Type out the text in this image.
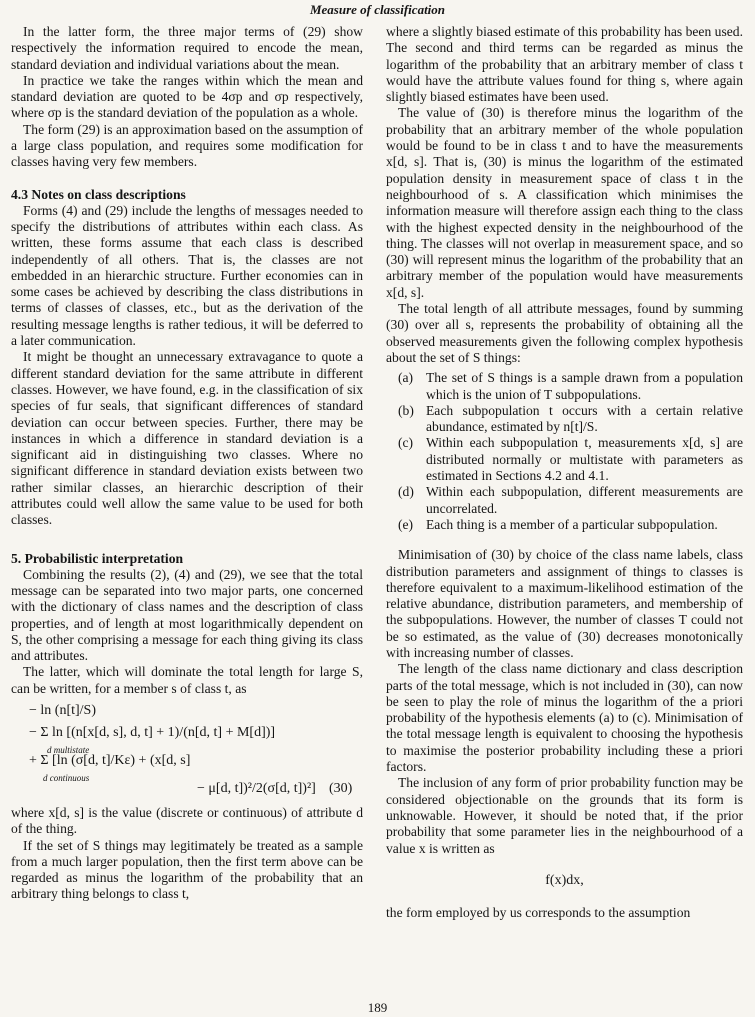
Measure of classification

In the latter form, the three major terms of (29) show respectively the information required to encode the mean, standard deviation and individual variations about the mean.

In practice we take the ranges within which the mean and standard deviation are quoted to be 4σp and σp respectively, where σp is the standard deviation of the population as a whole.

The form (29) is an approximation based on the assumption of a large class population, and requires some modification for classes having very few members.

4.3 Notes on class descriptions

Forms (4) and (29) include the lengths of messages needed to specify the distributions of attributes within each class. As written, these forms assume that each class is described independently of all others. That is, the classes are not embedded in an hierarchic structure. Further economies can in some cases be achieved by describing the class distributions in terms of classes of classes, etc., but as the derivation of the resulting message lengths is rather tedious, it will be deferred to a later communication.

It might be thought an unnecessary extravagance to quote a different standard deviation for the same attribute in different classes. However, we have found, e.g. in the classification of six species of fur seals, that significant differences of standard deviation can occur between species. Further, there may be instances in which a difference in standard deviation is a significant aid in distinguishing two classes. Where no significant difference in standard deviation exists between two rather similar classes, an hierarchic description of their attributes could well allow the same value to be used for both classes.

5. Probabilistic interpretation

Combining the results (2), (4) and (29), we see that the total message can be separated into two major parts, one concerned with the dictionary of class names and the description of class properties, and of length at most logarithmically dependent on S, the other comprising a message for each thing giving its class and attributes.

The latter, which will dominate the total length for large S, can be written, for a member s of class t, as

− ln (n[t]/S)
− Σ ln [(n[x[d, s], d, t] + 1)/(n[d, t] + M[d])]
d multistate
+ Σ [ln (σ[d, t]/Kε) + (x[d, s]
d continuous
− μ[d, t])²/2(σ[d, t])²] (30)

where x[d, s] is the value (discrete or continuous) of attribute d of the thing.

If the set of S things may legitimately be treated as a sample from a much larger population, then the first term above can be regarded as minus the logarithm of the probability that an arbitrary thing belongs to class t,

where a slightly biased estimate of this probability has been used. The second and third terms can be regarded as minus the logarithm of the probability that an arbitrary member of class t would have the attribute values found for thing s, where again slightly biased estimates have been used.

The value of (30) is therefore minus the logarithm of the probability that an arbitrary member of the whole population would be found to be in class t and to have the measurements x[d, s]. That is, (30) is minus the logarithm of the estimated population density in measurement space of class t in the neighbourhood of s. A classification which minimises the information measure will therefore assign each thing to the class with the highest expected density in the neighbourhood of the thing. The classes will not overlap in measurement space, and so (30) will represent minus the logarithm of the probability that an arbitrary member of the population would have measurements x[d, s].

The total length of all attribute messages, found by summing (30) over all s, represents the probability of obtaining all the observed measurements given the following complex hypothesis about the set of S things:

(a) The set of S things is a sample drawn from a population which is the union of T subpopulations.
(b) Each subpopulation t occurs with a certain relative abundance, estimated by n[t]/S.
(c) Within each subpopulation t, measurements x[d, s] are distributed normally or multistate with parameters as estimated in Sections 4.2 and 4.1.
(d) Within each subpopulation, different measurements are uncorrelated.
(e) Each thing is a member of a particular subpopulation.

Minimisation of (30) by choice of the class name labels, class distribution parameters and assignment of things to classes is therefore equivalent to a maximum-likelihood estimation of the relative abundance, distribution parameters, and membership of the subpopulations. However, the number of classes T could not be so estimated, as the value of (30) decreases monotonically with increasing number of classes.

The length of the class name dictionary and class description parts of the total message, which is not included in (30), can now be seen to play the role of minus the logarithm of the a priori probability of the hypothesis elements (a) to (c). Minimisation of the total message length is equivalent to choosing the hypothesis to maximise the posterior probability including these a priori factors.

The inclusion of any form of prior probability function may be considered objectionable on the grounds that its form is unknowable. However, it should be noted that, if the prior probability that some parameter lies in the neighbourhood of a value x is written as

f(x)dx,

the form employed by us corresponds to the assumption

189
